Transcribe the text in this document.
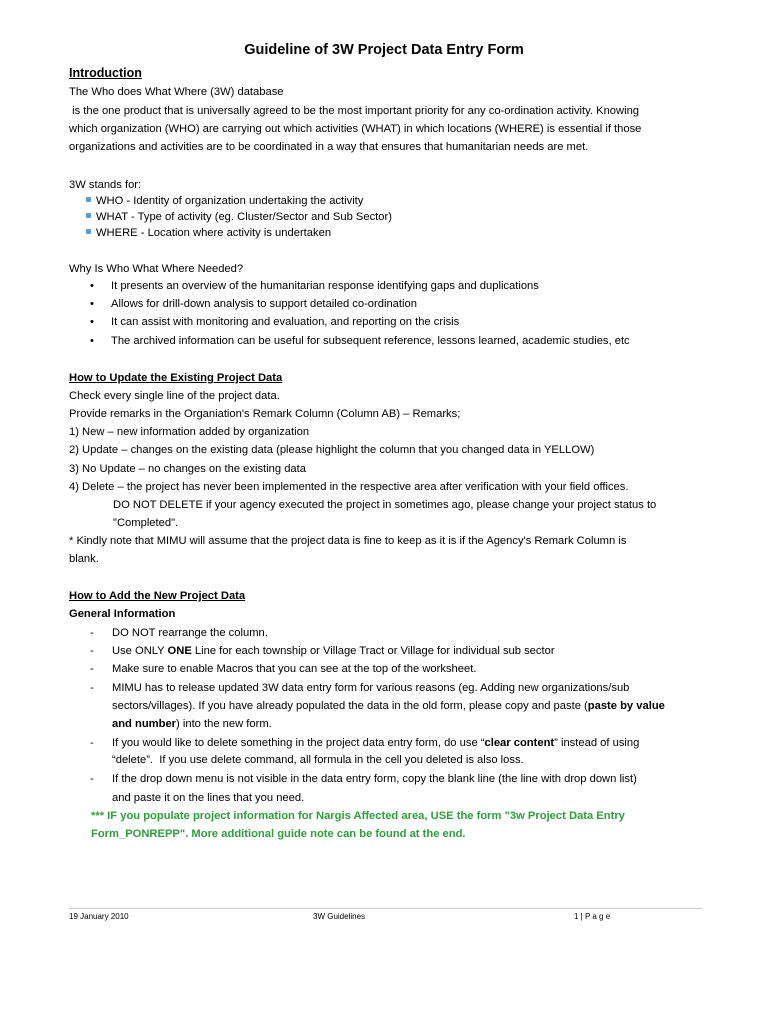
Guideline of 3W Project Data Entry Form
Introduction
The Who does What Where (3W) database
is the one product that is universally agreed to be the most important priority for any co-ordination activity. Knowing
which organization (WHO) are carrying out which activities (WHAT) in which locations (WHERE) is essential if those
organizations and activities are to be coordinated in a way that ensures that humanitarian needs are met.
3W stands for:
WHO - Identity of organization undertaking the activity
WHAT - Type of activity (eg. Cluster/Sector and Sub Sector)
WHERE - Location where activity is undertaken
Why Is Who What Where Needed?
• It presents an overview of the humanitarian response identifying gaps and duplications
• Allows for drill-down analysis to support detailed co-ordination
• It can assist with monitoring and evaluation, and reporting on the crisis
• The archived information can be useful for subsequent reference, lessons learned, academic studies, etc
How to Update the Existing Project Data
Check every single line of the project data.
Provide remarks in the Organiation's Remark Column (Column AB) – Remarks;
1) New – new information added by organization
2) Update – changes on the existing data (please highlight the column that you changed data in YELLOW)
3) No Update – no changes on the existing data
4) Delete – the project has never been implemented in the respective area after verification with your field offices.
DO NOT DELETE if your agency executed the project in sometimes ago, please change your project status to
"Completed".
* Kindly note that MIMU will assume that the project data is fine to keep as it is if the Agency's Remark Column is
blank.
How to Add the New Project Data
General Information
- DO NOT rearrange the column.
- Use ONLY ONE Line for each township or Village Tract or Village for individual sub sector
- Make sure to enable Macros that you can see at the top of the worksheet.
- MIMU has to release updated 3W data entry form for various reasons (eg. Adding new organizations/sub
sectors/villages). If you have already populated the data in the old form, please copy and paste (paste by value
and number) into the new form.
- If you would like to delete something in the project data entry form, do use “clear content” instead of using
“delete”.  If you use delete command, all formula in the cell you deleted is also loss.
- If the drop down menu is not visible in the data entry form, copy the blank line (the line with drop down list)
and paste it on the lines that you need.
*** IF you populate project information for Nargis Affected area, USE the form "3w Project Data Entry
Form_PONREPP". More additional guide note can be found at the end.
19 January 2010	3W Guidelines	1 | P a g e
